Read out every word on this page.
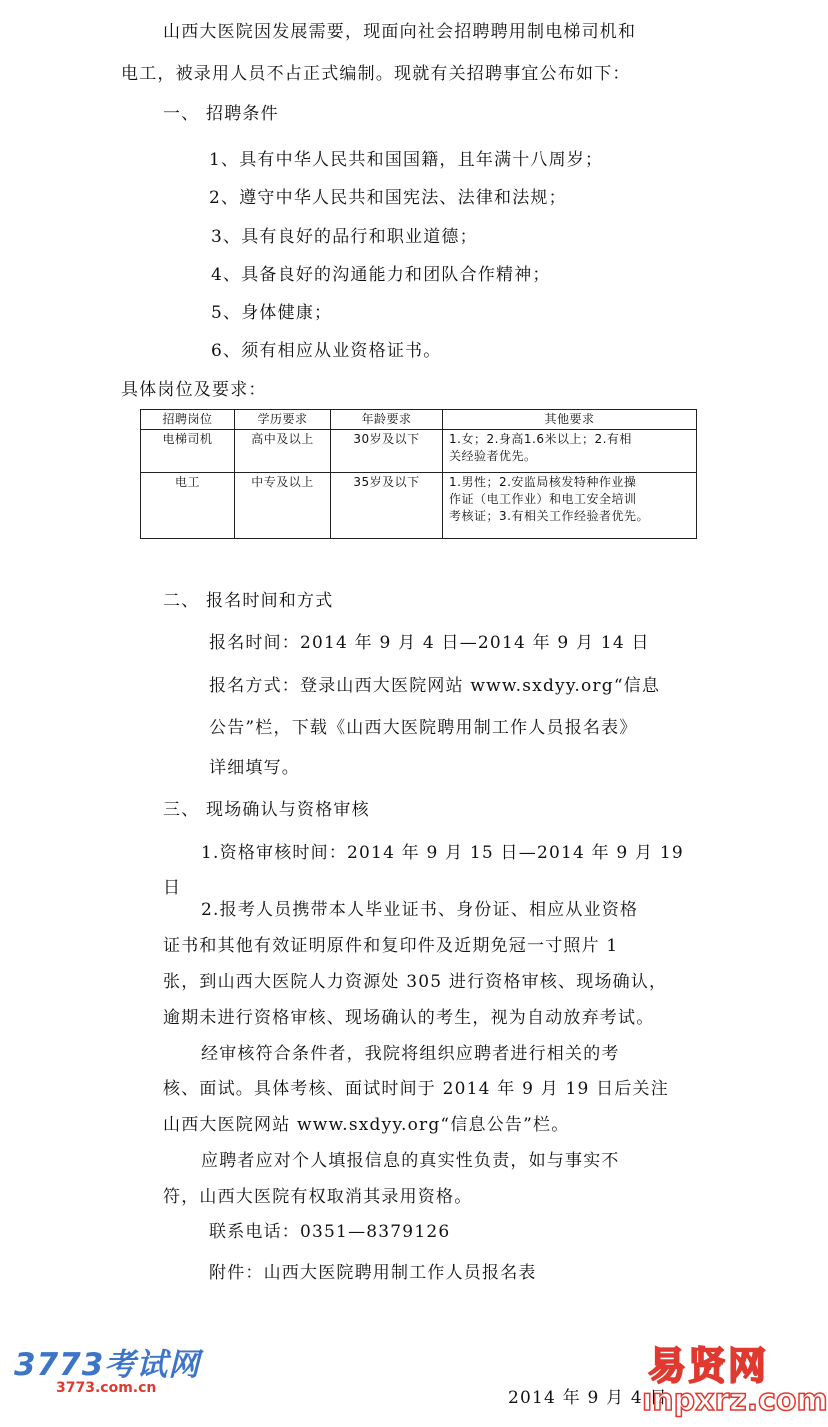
山西大医院因发展需要，现面向社会招聘聘用制电梯司机和
电工，被录用人员不占正式编制。现就有关招聘事宜公布如下：
一、 招聘条件
1、具有中华人民共和国国籍，且年满十八周岁；
2、遵守中华人民共和国宪法、法律和法规；
3、具有良好的品行和职业道德；
4、具备良好的沟通能力和团队合作精神；
5、身体健康；
6、须有相应从业资格证书。
具体岗位及要求：
招聘岗位	学历要求	年龄要求	其他要求
电梯司机	高中及以上	30岁及以下	1.女；2.身高1.6米以上；2.有相
关经验者优先。

电工	中专及以上	35岁及以下	1.男性；2.安监局核发特种作业操
作证（电工作业）和电工安全培训
考核证；3.有相关工作经验者优先。
二、 报名时间和方式
报名时间：2014 年 9 月 4 日—2014 年 9 月 14 日
报名方式：登录山西大医院网站 www.sxdyy.org“信息
公告”栏，下载《山西大医院聘用制工作人员报名表》
详细填写。
三、 现场确认与资格审核
1.资格审核时间：2014 年 9 月 15 日—2014 年 9 月 19
日
2.报考人员携带本人毕业证书、身份证、相应从业资格
证书和其他有效证明原件和复印件及近期免冠一寸照片 1
张，到山西大医院人力资源处 305 进行资格审核、现场确认，
逾期未进行资格审核、现场确认的考生，视为自动放弃考试。
经审核符合条件者，我院将组织应聘者进行相关的考
核、面试。具体考核、面试时间于 2014 年 9 月 19 日后关注
山西大医院网站 www.sxdyy.org“信息公告”栏。
应聘者应对个人填报信息的真实性负责，如与事实不
符，山西大医院有权取消其录用资格。
联系电话：0351—8379126
附件：山西大医院聘用制工作人员报名表
2014 年 9 月 4 日
3773考试网
3773.com.cn	易贤网
ınpxrz.com
